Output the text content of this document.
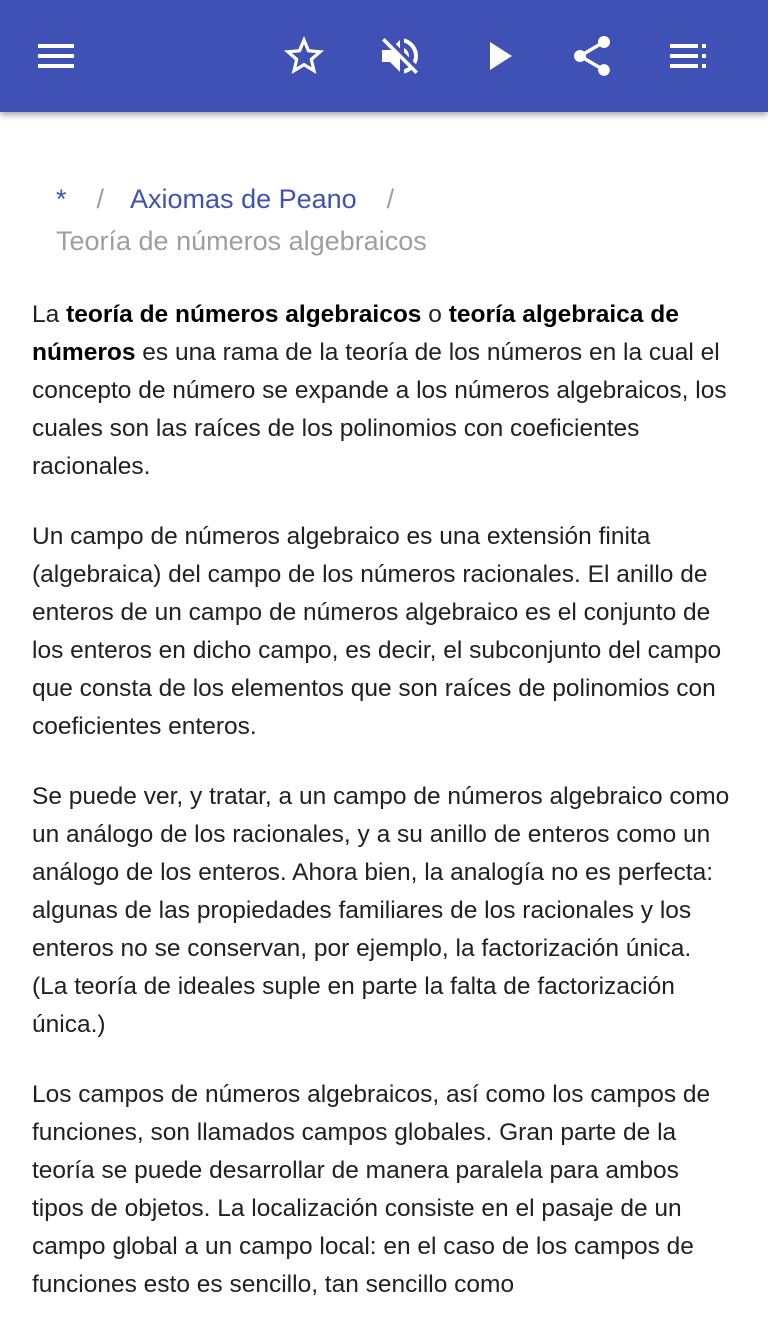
* / Axiomas de Peano /
Teoría de números algebraicos

La teoría de números algebraicos o teoría algebraica de números es una rama de la teoría de los números en la cual el concepto de número se expande a los números algebraicos, los cuales son las raíces de los polinomios con coeficientes racionales.

Un campo de números algebraico es una extensión finita (algebraica) del campo de los números racionales. El anillo de enteros de un campo de números algebraico es el conjunto de los enteros en dicho campo, es decir, el subconjunto del campo que consta de los elementos que son raíces de polinomios con coeficientes enteros.

Se puede ver, y tratar, a un campo de números algebraico como un análogo de los racionales, y a su anillo de enteros como un análogo de los enteros. Ahora bien, la analogía no es perfecta: algunas de las propiedades familiares de los racionales y los enteros no se conservan, por ejemplo, la factorización única. (La teoría de ideales suple en parte la falta de factorización única.)

Los campos de números algebraicos, así como los campos de funciones, son llamados campos globales. Gran parte de la teoría se puede desarrollar de manera paralela para ambos tipos de objetos. La localización consiste en el pasaje de un campo global a un campo local: en el caso de los campos de funciones esto es sencillo, tan sencillo como
